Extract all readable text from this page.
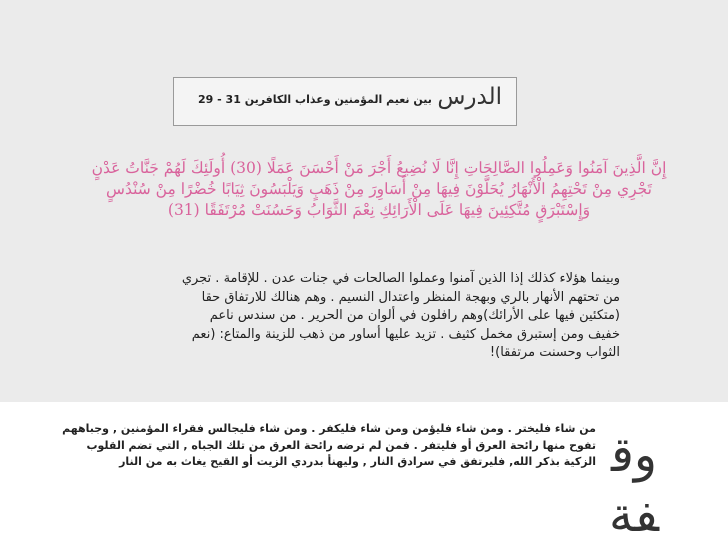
الدرس
بين نعيم المؤمنين وعذاب الكافرين 31 - 29

إِنَّ الَّذِينَ آمَنُوا وَعَمِلُوا الصَّالِحَاتِ إِنَّا لَا نُضِيعُ أَجْرَ مَنْ أَحْسَنَ عَمَلًا (30) أُولَئِكَ لَهُمْ جَنَّاتُ عَدْنٍ

تَجْرِي مِنْ تَحْتِهِمُ الْأَنْهَارُ يُحَلَّوْنَ فِيهَا مِنْ أَسَاوِرَ مِنْ ذَهَبٍ وَيَلْبَسُونَ ثِيَابًا خُضْرًا مِنْ سُنْدُسٍ

وَإِسْتَبْرَقٍ مُتَّكِئِينَ فِيهَا عَلَى الْأَرَائِكِ نِعْمَ الثَّوَابُ وَحَسُنَتْ مُرْتَفَقًا (31)

وبينما هؤلاء كذلك إذا الذين آمنوا وعملوا الصالحات في جنات عدن . للإقامة . تجري

من تحتهم الأنهار بالري وبهجة المنظر واعتدال النسيم . وهم هنالك للارتفاق حقا

(متكئين فيها على الأرائك)وهم رافلون في ألوان من الحرير . من سندس ناعم

خفيف ومن إستبرق مخمل كثيف . تزيد عليها أساور من ذهب للزينة والمتاع: (نعم

الثواب وحسنت مرتفقا)!

من شاء فليختر . ومن شاء فليؤمن ومن شاء فليكفر . ومن شاء فليجالس فقراء المؤمنين , وجباههم

تفوح منها رائحة العرق أو فليتفر . فمن لم ترضه رائحة العرق من تلك الجباه , التي تضم القلوب

الزكية بذكر الله, فليرتفق في سرادق النار , وليهنأ بدردي الزيت أو القيح يغاث به من النار وقفة
